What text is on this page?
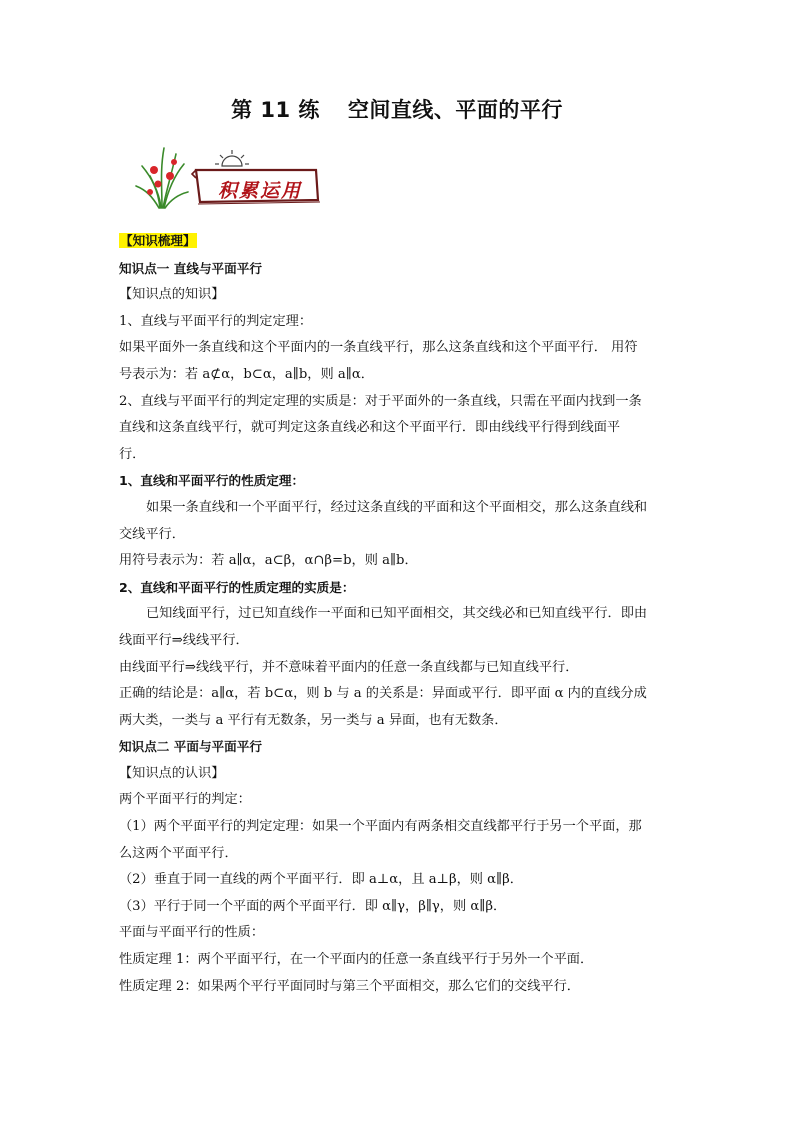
第 11 练 空间直线、平面的平行
积累运用
【知识梳理】
知识点一 直线与平面平行
【知识点的知识】
1、直线与平面平行的判定定理：
如果平面外一条直线和这个平面内的一条直线平行，那么这条直线和这个平面平行． 用符
号表示为：若 a⊄α，b⊂α，a∥b，则 a∥α．
2、直线与平面平行的判定定理的实质是：对于平面外的一条直线，只需在平面内找到一条
直线和这条直线平行，就可判定这条直线必和这个平面平行．即由线线平行得到线面平
行．
1、直线和平面平行的性质定理：
如果一条直线和一个平面平行，经过这条直线的平面和这个平面相交，那么这条直线和
交线平行．
用符号表示为：若 a∥α，a⊂β，α∩β=b，则 a∥b．
2、直线和平面平行的性质定理的实质是：
已知线面平行，过已知直线作一平面和已知平面相交，其交线必和已知直线平行．即由
线面平行⇒线线平行．
由线面平行⇒线线平行，并不意味着平面内的任意一条直线都与已知直线平行．
正确的结论是：a∥α，若 b⊂α，则 b 与 a 的关系是：异面或平行．即平面 α 内的直线分成
两大类，一类与 a 平行有无数条，另一类与 a 异面，也有无数条．
知识点二 平面与平面平行
【知识点的认识】
两个平面平行的判定：
（1）两个平面平行的判定定理：如果一个平面内有两条相交直线都平行于另一个平面，那
么这两个平面平行．
（2）垂直于同一直线的两个平面平行．即 a⊥α，且 a⊥β，则 α∥β．
（3）平行于同一个平面的两个平面平行．即 α∥γ，β∥γ，则 α∥β．
平面与平面平行的性质：
性质定理 1：两个平面平行，在一个平面内的任意一条直线平行于另外一个平面．
性质定理 2：如果两个平行平面同时与第三个平面相交，那么它们的交线平行．
